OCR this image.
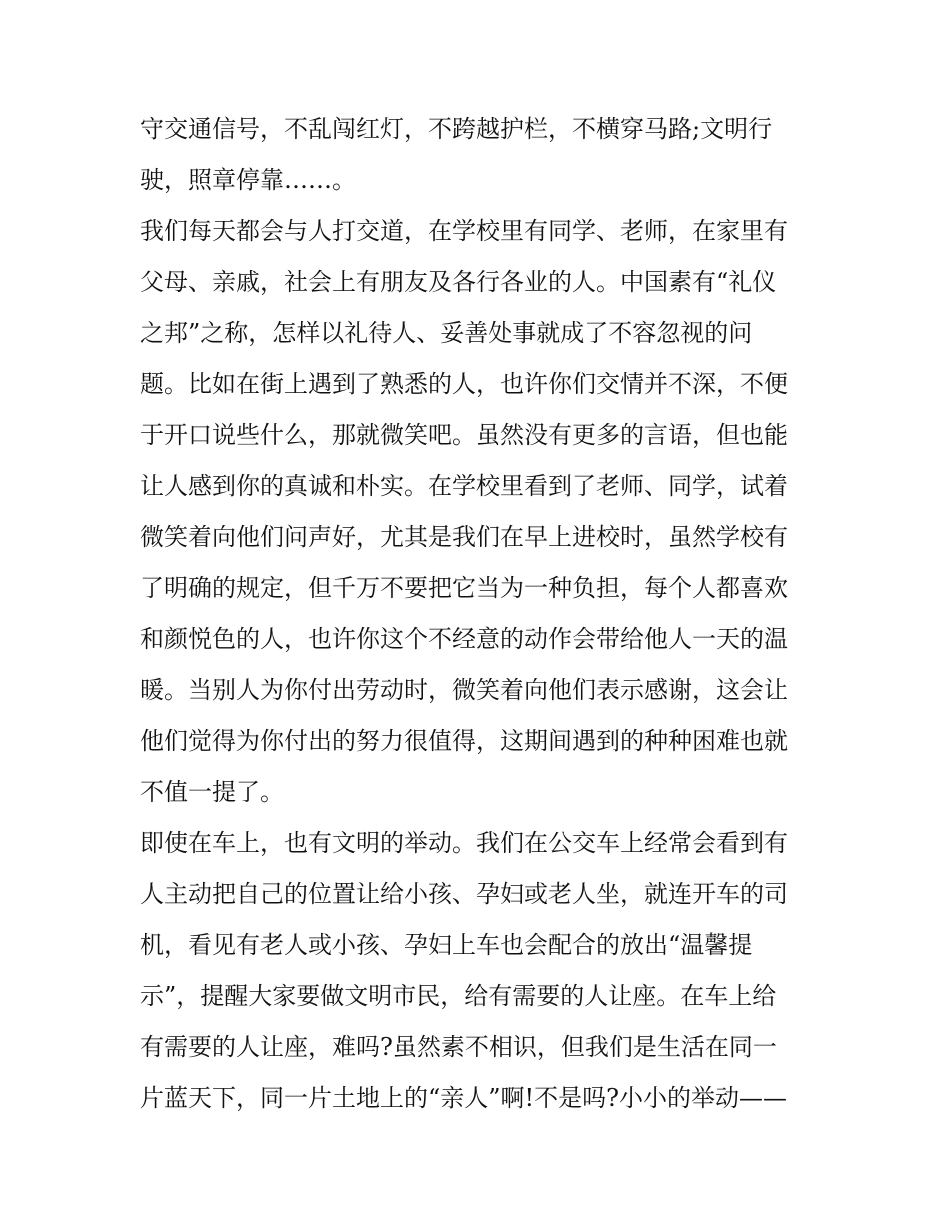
守交通信号，不乱闯红灯，不跨越护栏，不横穿马路;文明行
驶，照章停靠……。
我们每天都会与人打交道，在学校里有同学、老师，在家里有
父母、亲戚，社会上有朋友及各行各业的人。中国素有“礼仪
之邦”之称，怎样以礼待人、妥善处事就成了不容忽视的问
题。比如在街上遇到了熟悉的人，也许你们交情并不深，不便
于开口说些什么，那就微笑吧。虽然没有更多的言语，但也能
让人感到你的真诚和朴实。在学校里看到了老师、同学，试着
微笑着向他们问声好，尤其是我们在早上进校时，虽然学校有
了明确的规定，但千万不要把它当为一种负担，每个人都喜欢
和颜悦色的人，也许你这个不经意的动作会带给他人一天的温
暖。当别人为你付出劳动时，微笑着向他们表示感谢，这会让
他们觉得为你付出的努力很值得，这期间遇到的种种困难也就
不值一提了。
即使在车上，也有文明的举动。我们在公交车上经常会看到有
人主动把自己的位置让给小孩、孕妇或老人坐，就连开车的司
机，看见有老人或小孩、孕妇上车也会配合的放出“温馨提
示”，提醒大家要做文明市民，给有需要的人让座。在车上给
有需要的人让座，难吗?虽然素不相识，但我们是生活在同一
片蓝天下，同一片土地上的“亲人”啊!不是吗?小小的举动——
